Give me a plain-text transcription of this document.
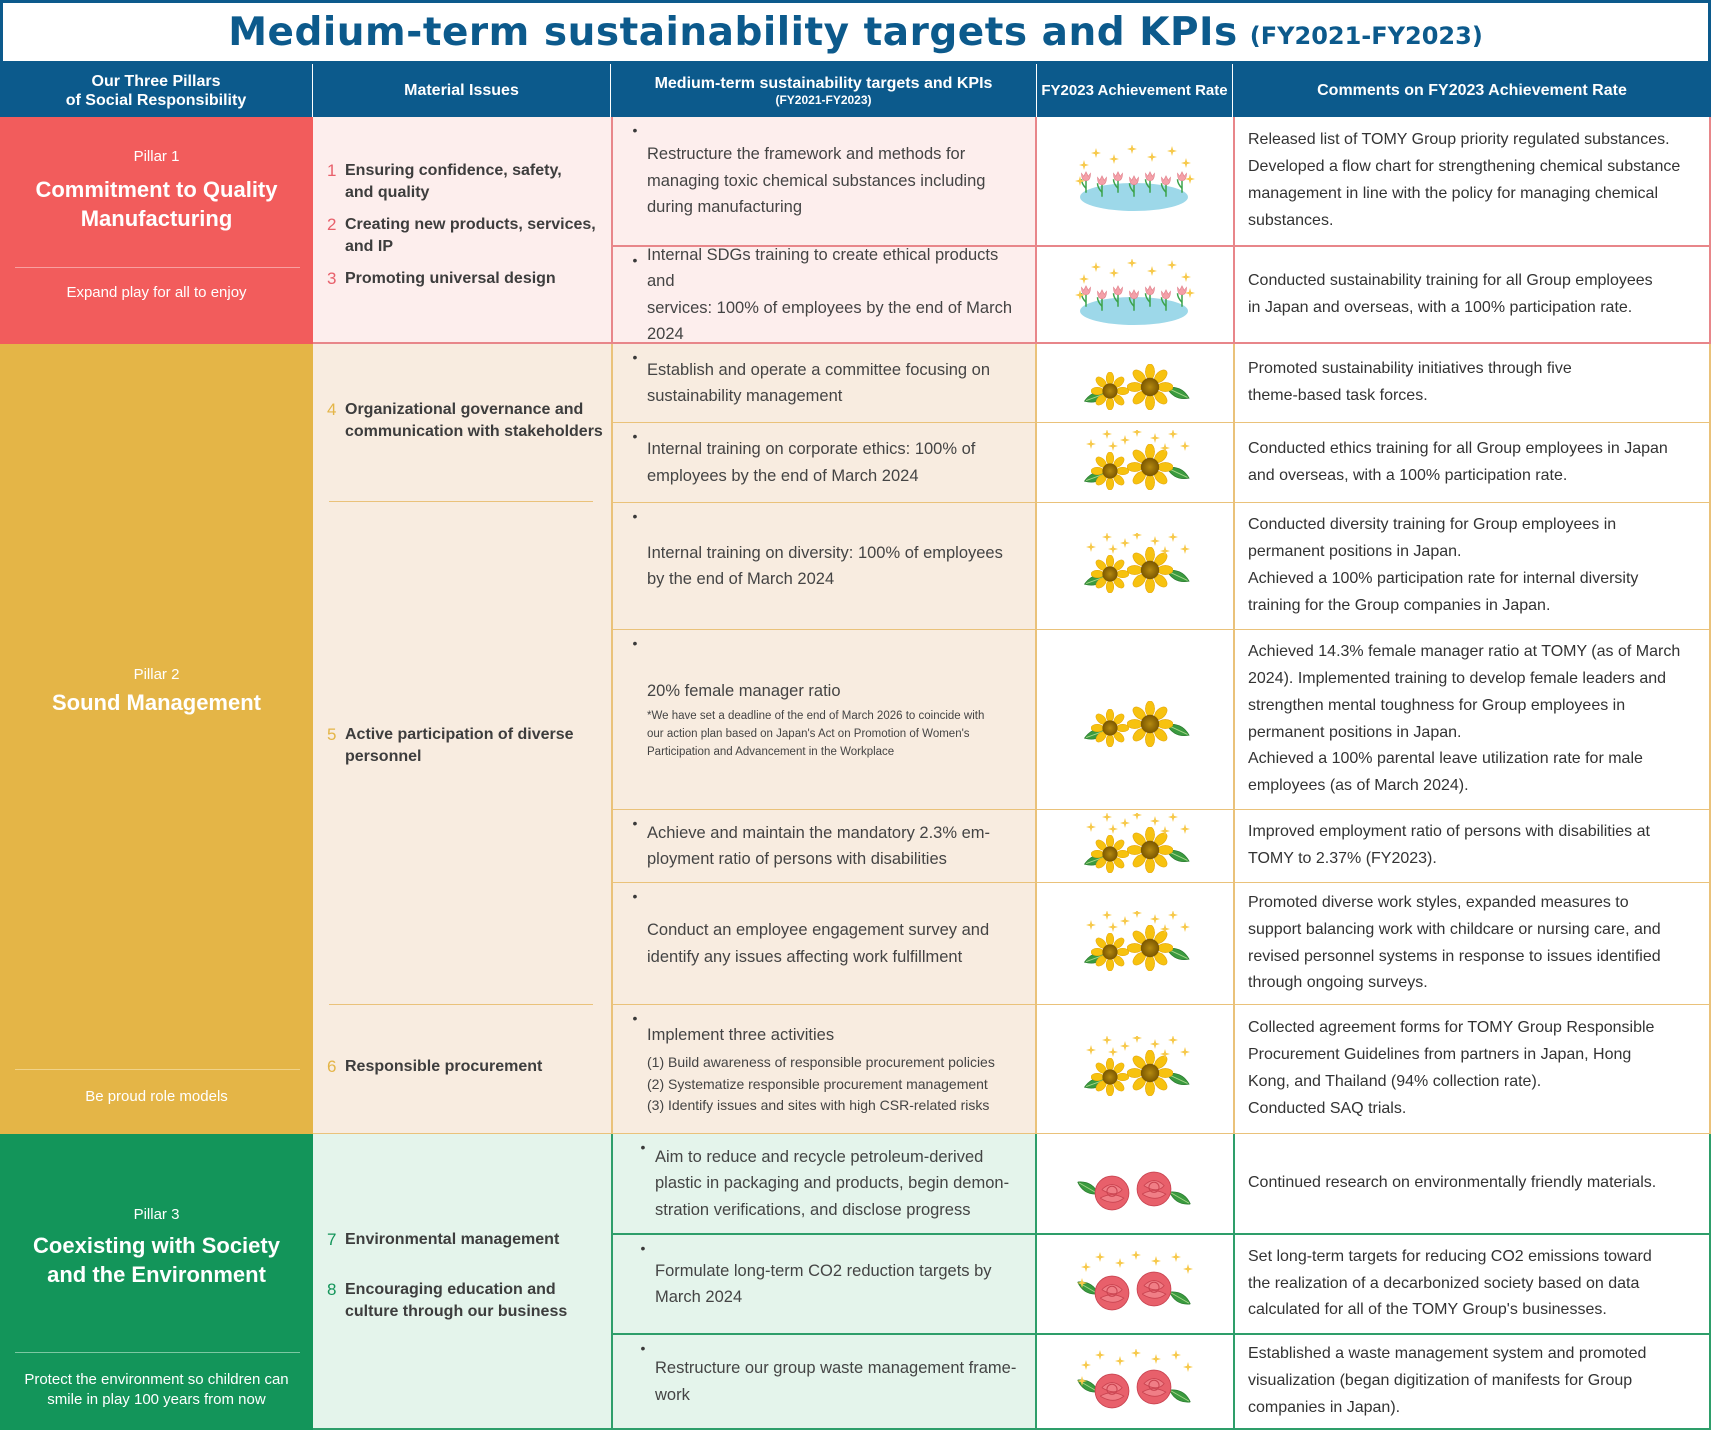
Medium-term sustainability targets and KPIs (FY2021-FY2023)
Our Three Pillars
of Social Responsibility
Material Issues	Medium-term sustainability targets and KPIs
(FY2021-FY2023)
FY2023 Achievement Rate	Comments on FY2023 Achievement Rate
Pillar 1
Commitment to Quality
Manufacturing
Expand play for all to enjoy
Pillar 2
Sound Management
Be proud role models
Pillar 3
Coexisting with Society
and the Environment
Protect the environment so children can
smile in play 100 years from now
1 Ensuring confidence, safety,
and quality
2 Creating new products, services,
and IP
3 Promoting universal design
4 Organizational governance and
communication with stakeholders
5 Active participation of diverse
personnel
6 Responsible procurement
7 Environmental management
8 Encouraging education and
culture through our business
•
Restructure the framework and methods for
managing toxic chemical substances including
during manufacturing
Released list of TOMY Group priority regulated substances.
Developed a flow chart for strengthening chemical substance
management in line with the policy for managing chemical
substances.
• Internal SDGs training to create ethical products and
services: 100% of employees by the end of March
2024
Conducted sustainability training for all Group employees
in Japan and overseas, with a 100% participation rate.
•
Establish and operate a committee focusing on
sustainability management
Promoted sustainability initiatives through five
theme-based task forces.
•
Internal training on corporate ethics: 100% of
employees by the end of March 2024
Conducted ethics training for all Group employees in Japan
and overseas, with a 100% participation rate.
•
Internal training on diversity: 100% of employees
by the end of March 2024
Conducted diversity training for Group employees in
permanent positions in Japan.
Achieved a 100% participation rate for internal diversity
training for the Group companies in Japan.
•
20% female manager ratio
*We have set a deadline of the end of March 2026 to coincide with
our action plan based on Japan's Act on Promotion of Women's
Participation and Advancement in the Workplace
Achieved 14.3% female manager ratio at TOMY (as of March
2024). Implemented training to develop female leaders and
strengthen mental toughness for Group employees in
permanent positions in Japan.
Achieved a 100% parental leave utilization rate for male
employees (as of March 2024).
•
Achieve and maintain the mandatory 2.3% em-
ployment ratio of persons with disabilities
Improved employment ratio of persons with disabilities at
TOMY to 2.37% (FY2023).
•
Conduct an employee engagement survey and
identify any issues affecting work fulfillment
Promoted diverse work styles, expanded measures to
support balancing work with childcare or nursing care, and
revised personnel systems in response to issues identified
through ongoing surveys.
•
Implement three activities
(1) Build awareness of responsible procurement policies
(2) Systematize responsible procurement management
(3) Identify issues and sites with high CSR-related risks
Collected agreement forms for TOMY Group Responsible
Procurement Guidelines from partners in Japan, Hong
Kong, and Thailand (94% collection rate).
Conducted SAQ trials.
•
Aim to reduce and recycle petroleum-derived
plastic in packaging and products, begin demon-
stration verifications, and disclose progress
Continued research on environmentally friendly materials.
•
Formulate long-term CO2 reduction targets by
March 2024
Set long-term targets for reducing CO2 emissions toward
the realization of a decarbonized society based on data
calculated for all of the TOMY Group's businesses.
•
Restructure our group waste management frame-
work
Established a waste management system and promoted
visualization (began digitization of manifests for Group
companies in Japan).
